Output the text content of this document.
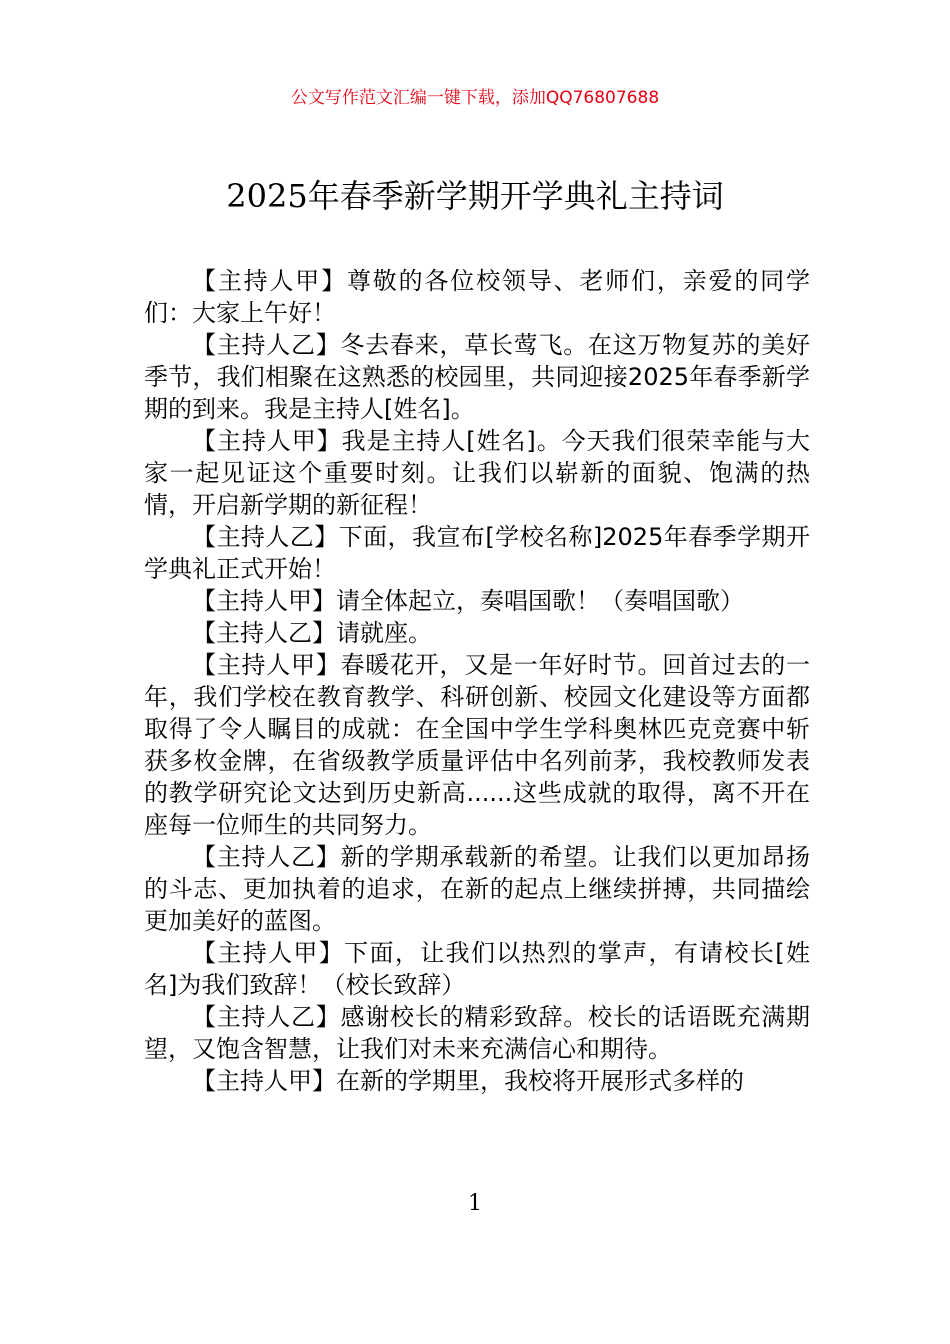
公文写作范文汇编一键下载，添加QQ76807688
2025年春季新学期开学典礼主持词

【主持人甲】尊敬的各位校领导、老师们，亲爱的同学们：大家上午好！

【主持人乙】冬去春来，草长莺飞。在这万物复苏的美好季节，我们相聚在这熟悉的校园里，共同迎接2025年春季新学期的到来。我是主持人[姓名]。

【主持人甲】我是主持人[姓名]。今天我们很荣幸能与大家一起见证这个重要时刻。让我们以崭新的面貌、饱满的热情，开启新学期的新征程！

【主持人乙】下面，我宣布[学校名称]2025年春季学期开学典礼正式开始！

【主持人甲】请全体起立，奏唱国歌！（奏唱国歌）

【主持人乙】请就座。

【主持人甲】春暖花开，又是一年好时节。回首过去的一年，我们学校在教育教学、科研创新、校园文化建设等方面都取得了令人瞩目的成就：在全国中学生学科奥林匹克竞赛中斩获多枚金牌，在省级教学质量评估中名列前茅，我校教师发表的教学研究论文达到历史新高......这些成就的取得，离不开在座每一位师生的共同努力。

【主持人乙】新的学期承载新的希望。让我们以更加昂扬的斗志、更加执着的追求，在新的起点上继续拼搏，共同描绘更加美好的蓝图。

【主持人甲】下面，让我们以热烈的掌声，有请校长[姓名]为我们致辞！（校长致辞）

【主持人乙】感谢校长的精彩致辞。校长的话语既充满期望，又饱含智慧，让我们对未来充满信心和期待。

【主持人甲】在新的学期里，我校将开展形式多样的

1
